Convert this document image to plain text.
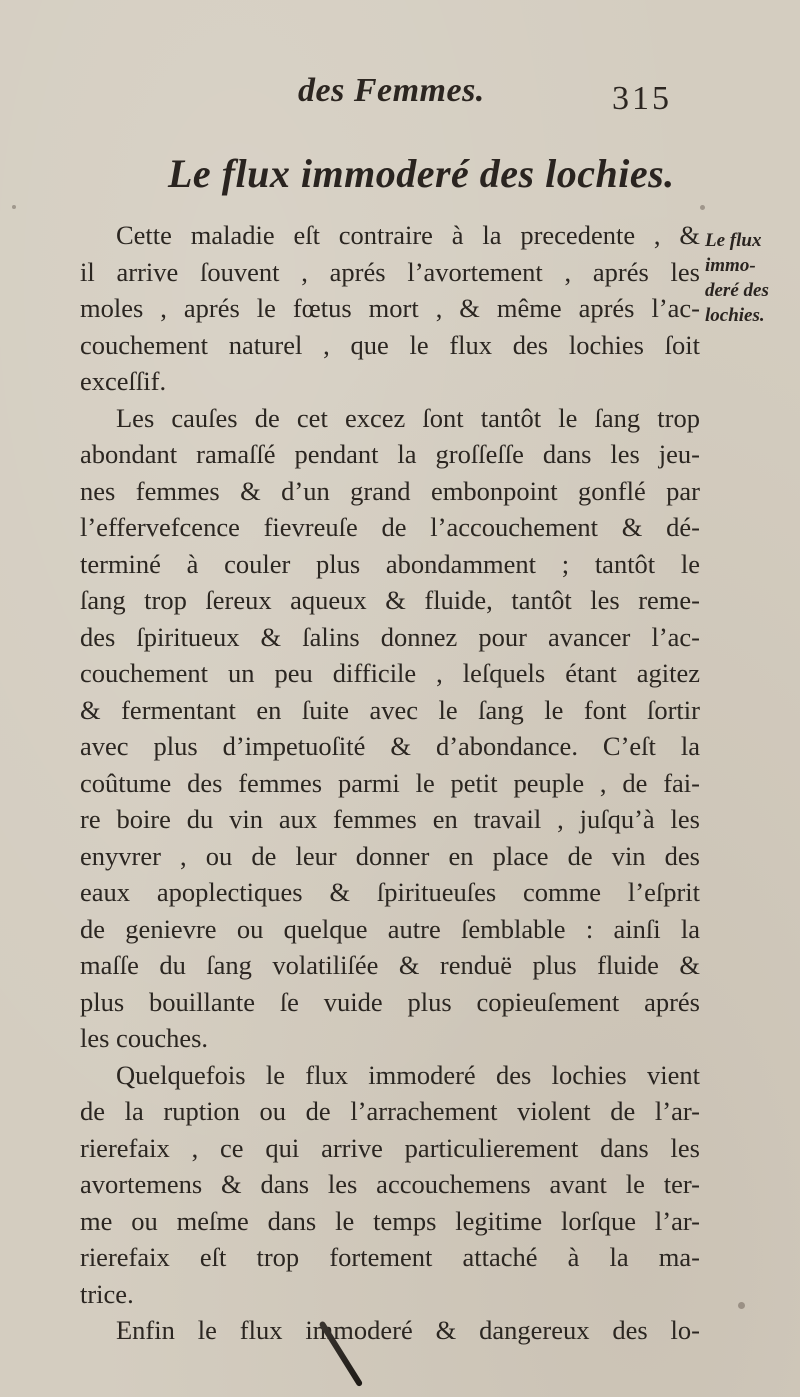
des Femmes.	315
Le flux immoderé des lochies.
Le flux
immo-
deré des
lochies.
Cette maladie eſt contraire à la precedente , &
il arrive ſouvent , aprés l’avortement , aprés les
moles , aprés le fœtus mort , & même aprés l’ac-
couchement naturel , que le flux des lochies ſoit
exceſſif.
Les cauſes de cet excez ſont tantôt le ſang trop
abondant ramaſſé pendant la groſſeſſe dans les jeu-
nes femmes & d’un grand embonpoint gonflé par
l’effervefcence fievreuſe de l’accouchement & dé-
terminé à couler plus abondamment ; tantôt le
ſang trop ſereux aqueux & fluide, tantôt les reme-
des ſpiritueux & ſalins donnez pour avancer l’ac-
couchement un peu difficile , leſquels étant agitez
& fermentant en ſuite avec le ſang le font ſortir
avec plus d’impetuoſité & d’abondance. C’eſt la
coûtume des femmes parmi le petit peuple , de fai-
re boire du vin aux femmes en travail , juſqu’à les
enyvrer , ou de leur donner en place de vin des
eaux apoplectiques & ſpiritueuſes comme l’eſprit
de genievre ou quelque autre ſemblable : ainſi la
maſſe du ſang volatiliſée & renduë plus fluide &
plus bouillante ſe vuide plus copieuſement aprés
les couches.
Quelquefois le flux immoderé des lochies vient
de la ruption ou de l’arrachement violent de l’ar-
rierefaix , ce qui arrive particulierement dans les
avortemens & dans les accouchemens avant le ter-
me ou meſme dans le temps legitime lorſque l’ar-
rierefaix eſt trop fortement attaché à la ma-
trice.
Enfin le flux immoderé & dangereux des lo-
